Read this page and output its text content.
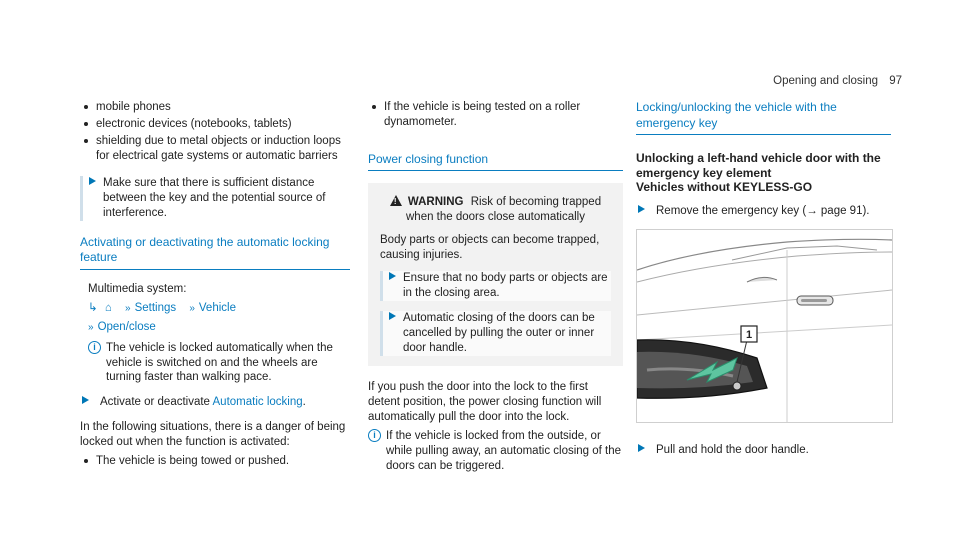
Opening and closing 97
mobile phones
electronic devices (notebooks, tablets)
shielding due to metal objects or induction loops for electrical gate systems or automatic barriers
Make sure that there is sufficient distance between the key and the potential source of interference.
Activating or deactivating the automatic locking feature

Multimedia system:

↳ ⌂ » Settings » Vehicle

» Open/close

i The vehicle is locked automatically when the vehicle is switched on and the wheels are turning faster than walking pace.
Activate or deactivate Automatic locking.

In the following situations, there is a danger of being locked out when the function is activated:

The vehicle is being towed or pushed.
If the vehicle is being tested on a roller dynamometer.
Power closing function
!WARNING Risk of becoming trapped when the doors close automatically
Body parts or objects can become trapped, causing injuries.
Ensure that no body parts or objects are in the closing area.
Automatic closing of the doors can be cancelled by pulling the outer or inner door handle.

If you push the door into the lock to the first detent position, the power closing function will automatically pull the door into the lock.

i If the vehicle is locked from the outside, or while pulling away, an automatic closing of the doors can be triggered.
Locking/unlocking the vehicle with the emergency key
Unlocking a left-hand vehicle door with the emergency key element
Vehicles without KEYLESS-GO
Remove the emergency key (→ page 91).
1
Pull and hold the door handle.
